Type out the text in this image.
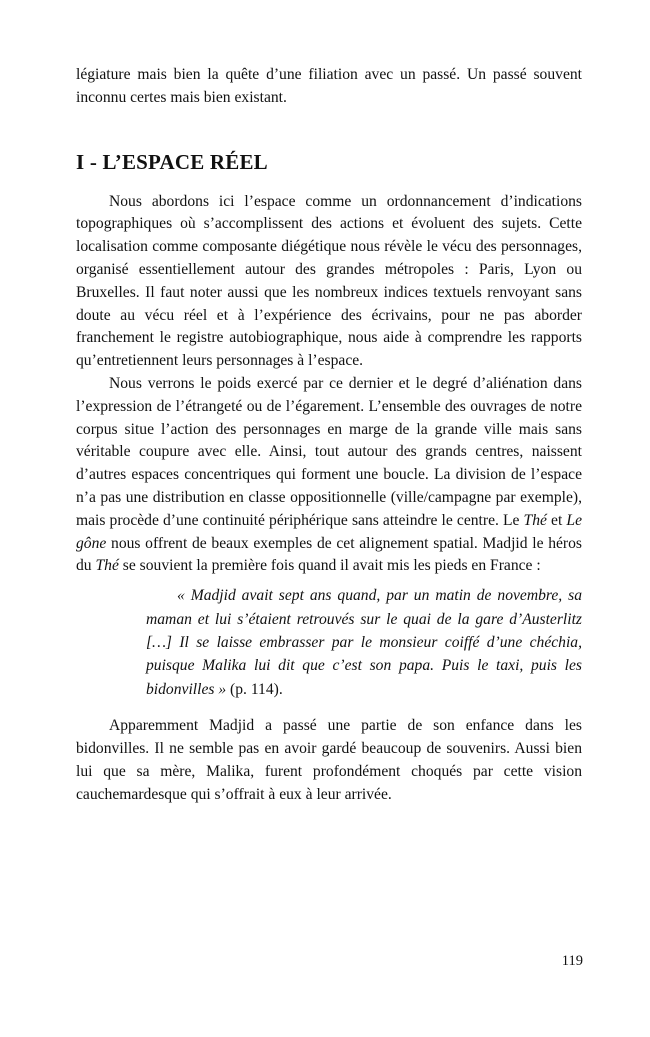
légiature mais bien la quête d’une filiation avec un passé. Un passé souvent inconnu certes mais bien existant.

I - L’ESPACE RÉEL

Nous abordons ici l’espace comme un ordonnancement d’indications topographiques où s’accomplissent des actions et évoluent des sujets. Cette localisation comme composante diégétique nous révèle le vécu des personnages, organisé essentiellement autour des grandes métropoles : Paris, Lyon ou Bruxelles. Il faut noter aussi que les nombreux indices textuels renvoyant sans doute au vécu réel et à l’expérience des écrivains, pour ne pas aborder franchement le registre autobiographique, nous aide à comprendre les rapports qu’entretiennent leurs personnages à l’espace.

Nous verrons le poids exercé par ce dernier et le degré d’aliénation dans l’expression de l’étrangeté ou de l’égarement. L’ensemble des ouvrages de notre corpus situe l’action des personnages en marge de la grande ville mais sans véritable coupure avec elle. Ainsi, tout autour des grands centres, naissent d’autres espaces concentriques qui forment une boucle. La division de l’espace n’a pas une distribution en classe oppositionnelle (ville/campagne par exemple), mais procède d’une continuité périphérique sans atteindre le centre. Le Thé et Le gône nous offrent de beaux exemples de cet alignement spatial. Madjid le héros du Thé se souvient la première fois quand il avait mis les pieds en France :

« Madjid avait sept ans quand, par un matin de novembre, sa maman et lui s’étaient retrouvés sur le quai de la gare d’Austerlitz […] Il se laisse embrasser par le monsieur coiffé d’une chéchia, puisque Malika lui dit que c’est son papa. Puis le taxi, puis les bidonvilles » (p. 114).

Apparemment Madjid a passé une partie de son enfance dans les bidonvilles. Il ne semble pas en avoir gardé beaucoup de souvenirs. Aussi bien lui que sa mère, Malika, furent profondément choqués par cette vision cauchemardesque qui s’offrait à eux à leur arrivée.

119
